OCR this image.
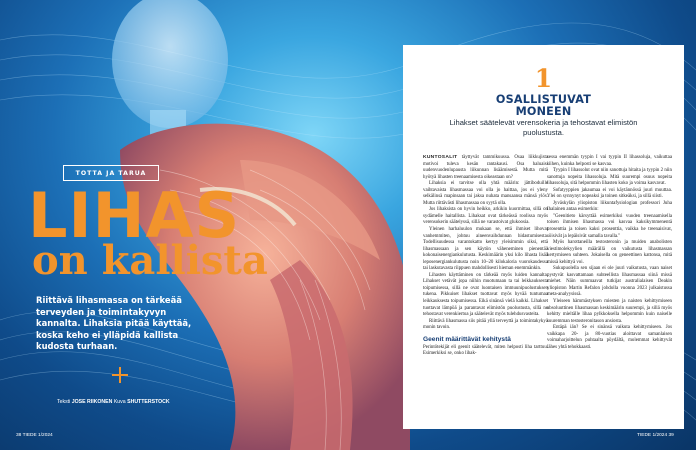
TOTTA JA TARUA
LIHAS
on kallista
Riittävä lihasmassa on tärkeää terveyden ja toimintakyvyn kannalta. Lihaksia pitää käyttää, koska keho ei ylläpidä kallista kudosta turhaan.
Teksti JOSE RIIKONEN Kuva SHUTTERSTOCK
38 TIEDE 1/2024
1
OSALLISTUVAT
MONEEN
Lihakset säätelevät verensokeria ja tehostavat elimistön puolustusta.

KUNTOSALIT täyttyvät tammikuussa. Osaa liikkujista motivoi tuleva kesän rantakausi. Osa haluaisi uudenvuodenlupausta liikunnan lisäämisestä. Mutta mitä hyötyä lihasten treenaamisesta oikeastaan on?

Lihaksia ei tarvitse olla yhtä määrin: jättiboduille vaihtavaista lihasmassaa voi olla jo haittaa, jos ei yleny selkälinsä mapinsaan tai jaksa nuhata mansaansa mänsä ylös. Mutta riittävästi lihasmassaa on syytä olla.

Jos lihaksista on hyvin heikko, arkikin kuormittaa, sillä on sydämelle haitallista. Lihaksat ovat tärkeässä roolissa myös verensokerin säätelyssä, sillä ne varastoivat glukoosia.

Yleinen harhaluulon mukaan se, että ihmiset lihovat vanhemmiten, johtuu aineenvaihdunnan hidastumisesta. Todellisuudessa varantokatto kertyy yleisimmin siksi, että lihasmassaan ja sen käytön väheneminen pienentää kokonaisenergiankulutusta. Keskimäärin yksi kilo lihasta lisää leposenergiankulutusta noin 10–20 kilokaloria vuorokaudessa tai laskutavasta riippuen mahdollisesti hieman enemmänkin.

Lihasten käyttäminen on tärkeää myös luiden kannalta. Lihakset vetävät jopa niihin muotumaan ta tai leikkauksesta toipumisessa, sillä ne ovat luontaisen immuunipuolustuksen tukena. Pikkuiset lihakset tuottavat myös hyvää tuntumaa leikkauksesta toipumisessa. Eikä sinänsä vielä kaikki. Lihakset tuottavat lämpöä ja parantavat elimistön puolustusta, sillä ne tehostavat verenkiertoa ja säätelevät myös tulehdusvasteita.

Riittävä lihasmassa siis pitää yllä terveyttä ja toimintakykyä monin tavoin.

Geenit määrittävät kehitystä

Perintötekijät eli geenit säätelevät, miten helposti liha tarttuu. Esimerkiksi se, onko lihak-

sessa enemmän tyypin I vai tyypin II lihassoluja, vaikuttaa siihen, kuinka helposti se kasvaa.

Tyypin I lihassolut ovat niin sanottuja hitaita ja tyypin 2 niin sanottuja nopeita lihassoluja. Mitä suurempi osuus nopeita lihassoluja, sitä helpommin lihasten koko ja voima kasvavat.

Sofatyyppien jakaumaa ei voi käytännössä juuri muuttaa. Ylei on synnynyt nopeaksi ja toinen sitkeäksi, ja sillä siisti.

Jyväskylän yliopiston liikuntafysiologian professori Juha Ihalainen antaa esimerkin:

"Geenitieto kärsyttää esimerkiksi vuoden treenaamisella toisen ihmisen lihasmassa voi kasvaa kaksikymmenentä prosenttia ja toisen kaksi prosenttia, vaikka he treenaisivat, söisivät ja lepäisivät samalla tavalla."

Myös harottaneilla testosteronin ja muiden anabolisten viestimolekyylien määrällä on vaikutusta lihasmassan kertymiseen suhteen. Jokaisella on geneettinen kattonsa, mitä missä kehittyä voi.

Sukupuolella sen sijaan ei ole juuri vaikutusta, vaan naiset pystyvät kasvattamaan suhteellista lihasmassaa siinä missä miehet. Näin summaavat tutkijat australialaisen Deakin yliopiston Martin Refalon johdolla vuonna 2023 julkaistussa meta-analyysissä.

Yleiseen hämmästyksen miesten ja naisten kehittymiseen absoluuttinen lihasmassan keskimäärin suurempi, ja sillä myös kehitty mieltälle lihaa pylkkoksella helpommin kuin naiselle suuremman testosteronitason ansiosta.

Entäpä iän? Se ei sinänsä vaikuta kehittymiseen. Jos vaikkapa 20- ja 80-vuotias aloittavat samanlaisen voimaharjoittelun puhtaalta pöydältä, molemmat kehittyvät lähes yhtä tehokkaasti.

TIEDE 1/2024 39
